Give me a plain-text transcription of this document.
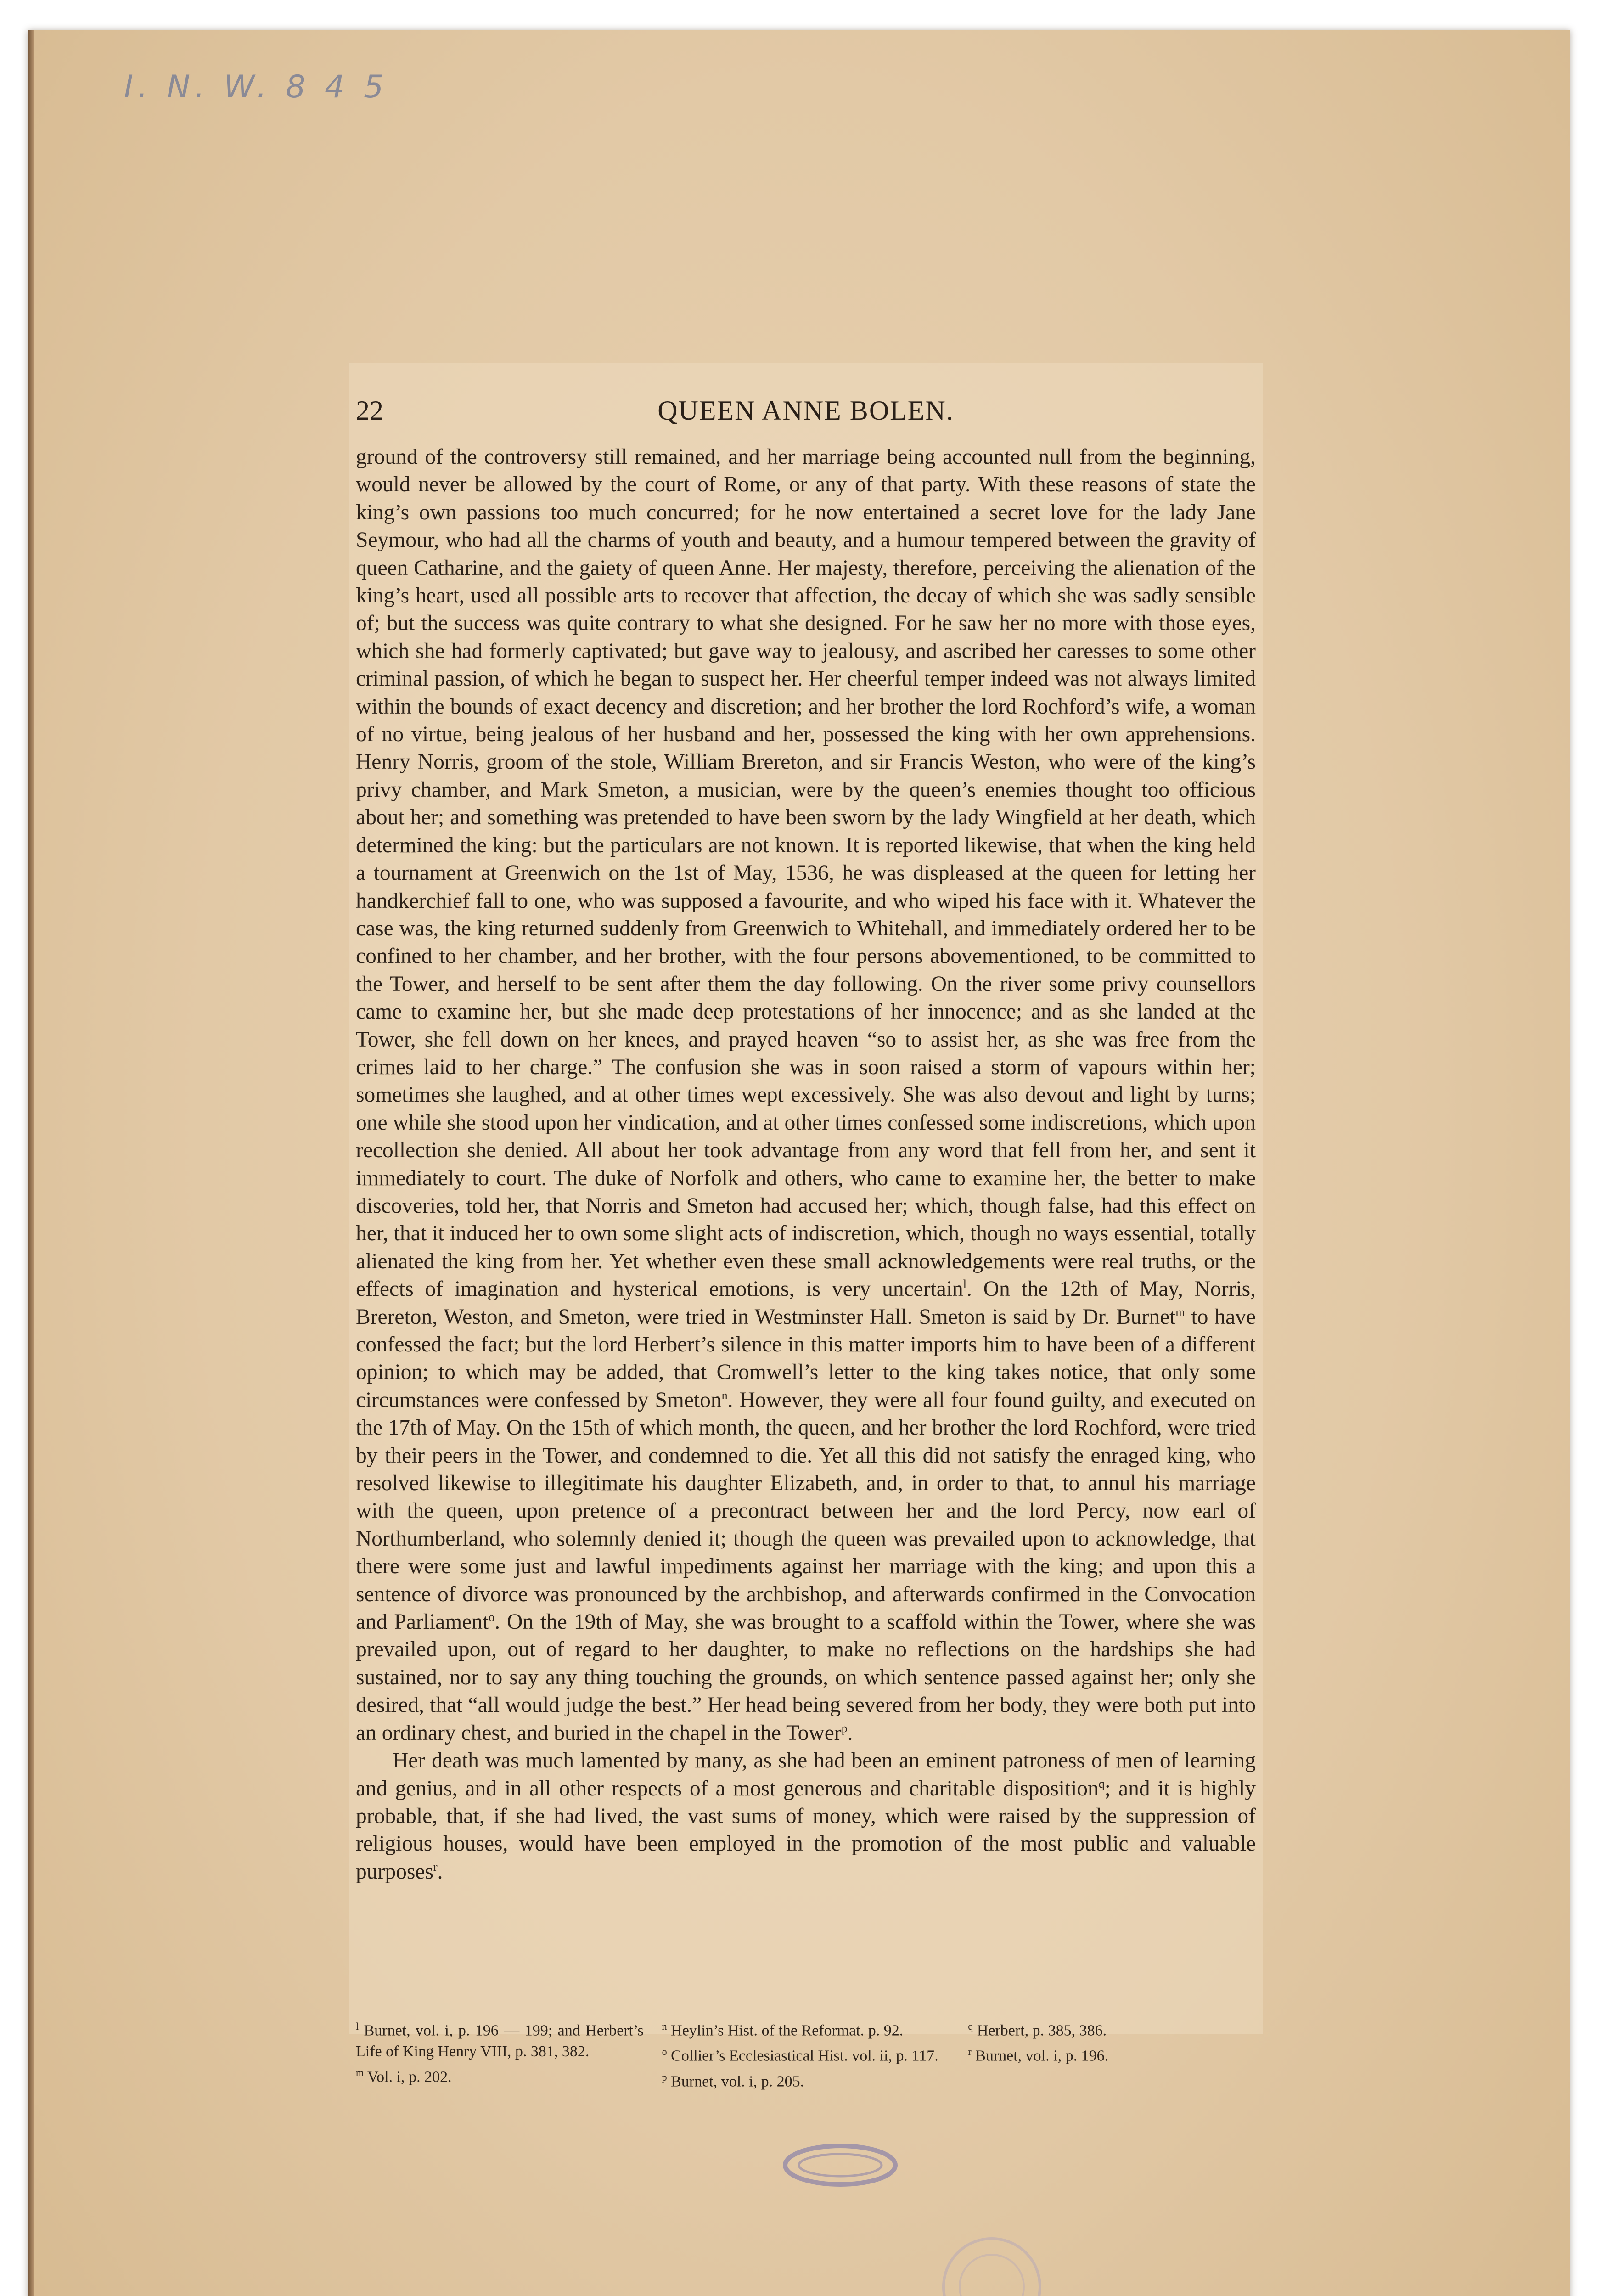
I. N. W. 8 4 5
22	QUEEN ANNE BOLEN.

ground of the controversy still remained, and her marriage being accounted null from the beginning, would never be allowed by the court of Rome, or any of that party. With these reasons of state the king’s own passions too much concurred; for he now entertained a secret love for the lady Jane Seymour, who had all the charms of youth and beauty, and a humour tempered between the gravity of queen Catharine, and the gaiety of queen Anne. Her majesty, therefore, perceiving the alienation of the king’s heart, used all possible arts to recover that affection, the decay of which she was sadly sensible of; but the success was quite contrary to what she designed. For he saw her no more with those eyes, which she had formerly captivated; but gave way to jealousy, and ascribed her caresses to some other criminal passion, of which he began to suspect her. Her cheerful temper indeed was not always limited within the bounds of exact decency and discretion; and her brother the lord Rochford’s wife, a woman of no virtue, being jealous of her husband and her, possessed the king with her own apprehensions. Henry Norris, groom of the stole, William Brereton, and sir Francis Weston, who were of the king’s privy chamber, and Mark Smeton, a musician, were by the queen’s enemies thought too officious about her; and something was pretended to have been sworn by the lady Wingfield at her death, which determined the king: but the particulars are not known. It is reported likewise, that when the king held a tournament at Greenwich on the 1st of May, 1536, he was displeased at the queen for letting her handkerchief fall to one, who was supposed a favourite, and who wiped his face with it. Whatever the case was, the king returned suddenly from Greenwich to Whitehall, and immediately ordered her to be confined to her chamber, and her brother, with the four persons abovementioned, to be committed to the Tower, and herself to be sent after them the day following. On the river some privy counsellors came to examine her, but she made deep protestations of her innocence; and as she landed at the Tower, she fell down on her knees, and prayed heaven “so to assist her, as she was free from the crimes laid to her charge.” The confusion she was in soon raised a storm of vapours within her; sometimes she laughed, and at other times wept excessively. She was also devout and light by turns; one while she stood upon her vindication, and at other times confessed some indiscretions, which upon recollection she denied. All about her took advantage from any word that fell from her, and sent it immediately to court. The duke of Norfolk and others, who came to examine her, the better to make discoveries, told her, that Norris and Smeton had accused her; which, though false, had this effect on her, that it induced her to own some slight acts of indiscretion, which, though no ways essential, totally alienated the king from her. Yet whether even these small acknowledgements were real truths, or the effects of imagination and hysterical emotions, is very uncertain$^l$. On the 12th of May, Norris, Brereton, Weston, and Smeton, were tried in Westminster Hall. Smeton is said by Dr. Burnet$^m$ to have confessed the fact; but the lord Herbert’s silence in this matter imports him to have been of a different opinion; to which may be added, that Cromwell’s letter to the king takes notice, that only some circumstances were confessed by Smeton$^n$. However, they were all four found guilty, and executed on the 17th of May. On the 15th of which month, the queen, and her brother the lord Rochford, were tried by their peers in the Tower, and condemned to die. Yet all this did not satisfy the enraged king, who resolved likewise to illegitimate his daughter Elizabeth, and, in order to that, to annul his marriage with the queen, upon pretence of a precontract between her and the lord Percy, now earl of Northumberland, who solemnly denied it; though the queen was prevailed upon to acknowledge, that there were some just and lawful impediments against her marriage with the king; and upon this a sentence of divorce was pronounced by the archbishop, and afterwards confirmed in the Convocation and Parliament$^o$. On the 19th of May, she was brought to a scaffold within the Tower, where she was prevailed upon, out of regard to her daughter, to make no reflections on the hardships she had sustained, nor to say any thing touching the grounds, on which sentence passed against her; only she desired, that “all would judge the best.” Her head being severed from her body, they were both put into an ordinary chest, and buried in the chapel in the Tower$^p$.

Her death was much lamented by many, as she had been an eminent patroness of men of learning and genius, and in all other respects of a most generous and charitable disposition$^q$; and it is highly probable, that, if she had lived, the vast sums of money, which were raised by the suppression of religious houses, would have been employed in the promotion of the most public and valuable purposes$^r$.

$^l$ Burnet, vol. i, p. 196 — 199; and Herbert’s Life of King Henry VIII, p. 381, 382.

$^m$ Vol. i, p. 202.

$^n$ Heylin’s Hist. of the Reformat. p. 92.

$^o$ Collier’s Ecclesiastical Hist. vol. ii, p. 117.

$^p$ Burnet, vol. i, p. 205.

$^q$ Herbert, p. 385, 386.

$^r$ Burnet, vol. i, p. 196.
